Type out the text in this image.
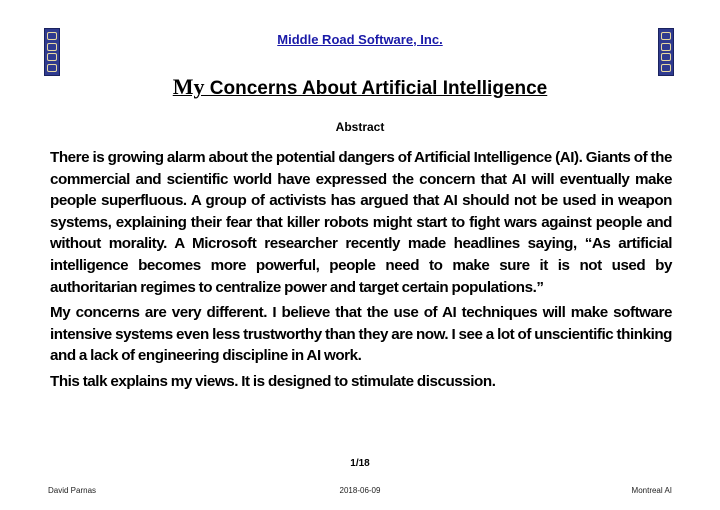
Middle Road Software, Inc.
My Concerns About Artificial Intelligence
Abstract

There is growing alarm about the potential dangers of Artificial Intelligence (AI). Giants of the commercial and scientific world have expressed the concern that AI will eventually make people superfluous. A group of activists has argued that AI should not be used in weapon systems, explaining their fear that killer robots might start to fight wars against people and without morality. A Microsoft researcher recently made headlines saying, “As artificial intelligence becomes more powerful, people need to make sure it is not used by authoritarian regimes to centralize power and target certain populations.”

My concerns are very different. I believe that the use of AI techniques will make software intensive systems even less trustworthy than they are now. I see a lot of unscientific thinking and a lack of engineering discipline in AI work.

This talk explains my views. It is designed to stimulate discussion.

1/18
David Parnas	2018-06-09	Montreal AI
